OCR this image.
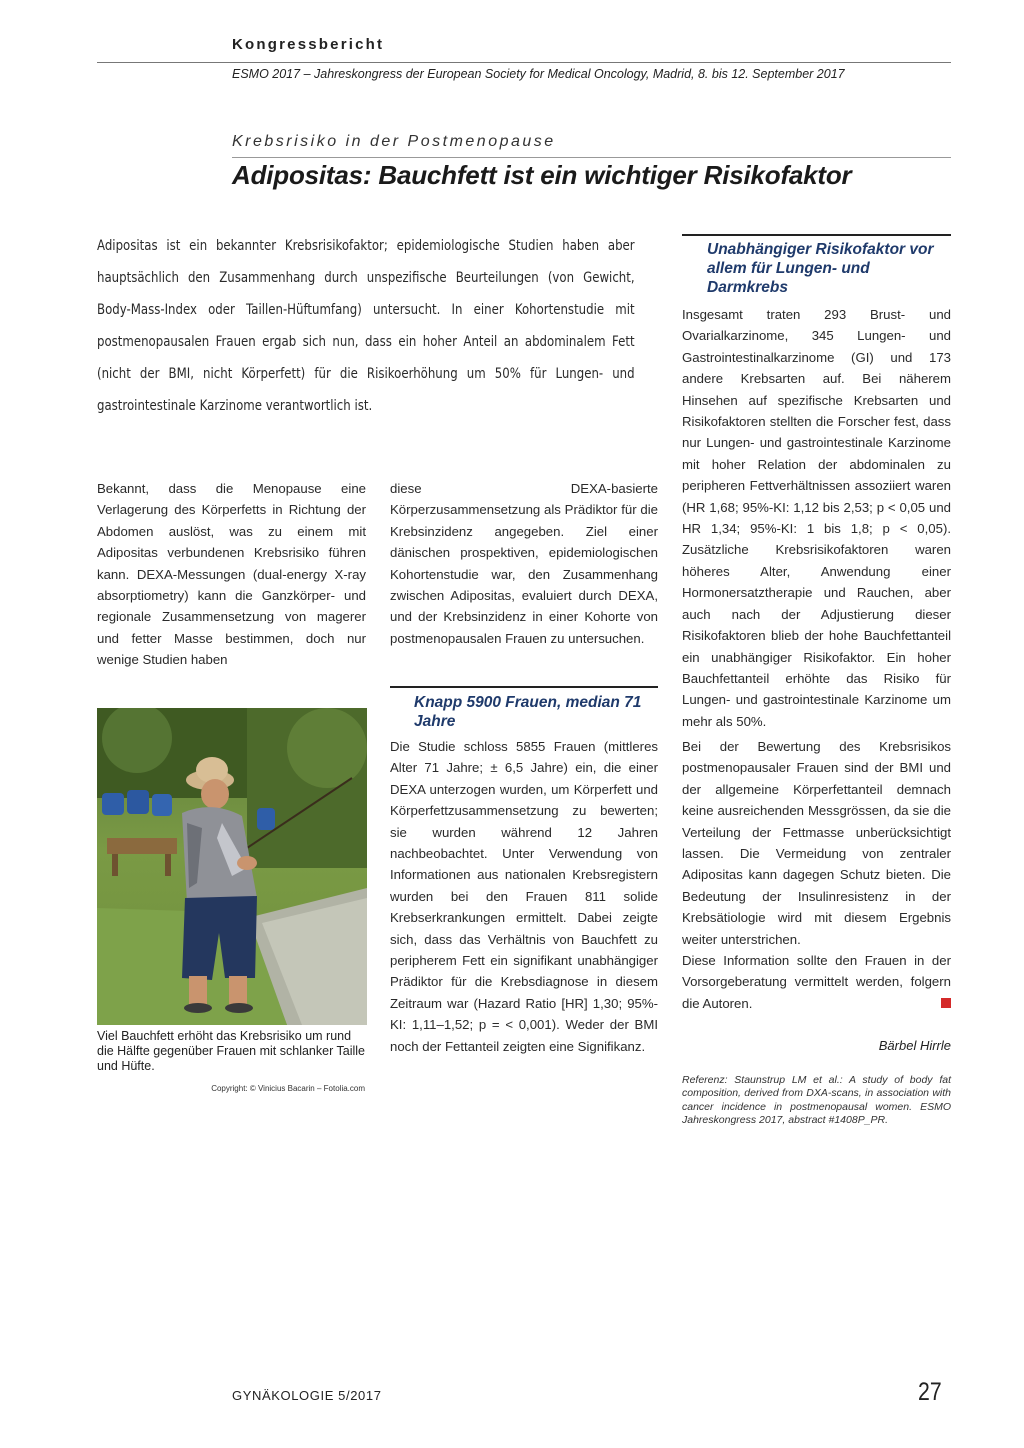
Kongressbericht
ESMO 2017 – Jahreskongress der European Society for Medical Oncology, Madrid, 8. bis 12. September 2017
Krebsrisiko in der Postmenopause
Adipositas: Bauchfett ist ein wichtiger Risikofaktor
Adipositas ist ein bekannter Krebsrisikofaktor; epidemiologische Studien haben aber hauptsächlich den Zusammenhang durch unspezifische Beurteilungen (von Gewicht, Body-Mass-Index oder Taillen-Hüftumfang) untersucht. In einer Kohortenstudie mit postmenopausalen Frauen ergab sich nun, dass ein hoher Anteil an abdominalem Fett (nicht der BMI, nicht Körperfett) für die Risikoerhöhung um 50% für Lungen- und gastrointestinale Karzinome verantwortlich ist.
Bekannt, dass die Menopause eine Verlagerung des Körperfetts in Richtung der Abdomen auslöst, was zu einem mit Adipositas verbundenen Krebsrisiko führen kann. DEXA-Messungen (dual-energy X-ray absorptiometry) kann die Ganzkörper- und regionale Zusammensetzung von magerer und fetter Masse bestimmen, doch nur wenige Studien haben
diese DEXA-basierte Körperzusammensetzung als Prädiktor für die Krebsinzidenz angegeben. Ziel einer dänischen prospektiven, epidemiologischen Kohortenstudie war, den Zusammenhang zwischen Adipositas, evaluiert durch DEXA, und der Krebsinzidenz in einer Kohorte von postmenopausalen Frauen zu untersuchen.
Knapp 5900 Frauen, median 71 Jahre
Die Studie schloss 5855 Frauen (mittleres Alter 71 Jahre; ± 6,5 Jahre) ein, die einer DEXA unterzogen wurden, um Körperfett und Körperfettzusammensetzung zu bewerten; sie wurden während 12 Jahren nachbeobachtet. Unter Verwendung von Informationen aus nationalen Krebsregistern wurden bei den Frauen 811 solide Krebserkrankungen ermittelt. Dabei zeigte sich, dass das Verhältnis von Bauchfett zu peripherem Fett ein signifikant unabhängiger Prädiktor für die Krebsdiagnose in diesem Zeitraum war (Hazard Ratio [HR] 1,30; 95%-KI: 1,11–1,52; p = < 0,001). Weder der BMI noch der Fettanteil zeigten eine Signifikanz.
Unabhängiger Risikofaktor vor allem für Lungen- und Darmkrebs
Insgesamt traten 293 Brust- und Ovarialkarzinome, 345 Lungen- und Gastrointestinalkarzinome (GI) und 173 andere Krebsarten auf. Bei näherem Hinsehen auf spezifische Krebsarten und Risikofaktoren stellten die Forscher fest, dass nur Lungen- und gastrointestinale Karzinome mit hoher Relation der abdominalen zu peripheren Fettverhältnissen assoziiert waren (HR 1,68; 95%-KI: 1,12 bis 2,53; p < 0,05 und HR 1,34; 95%-KI: 1 bis 1,8; p < 0,05). Zusätzliche Krebsrisikofaktoren waren höheres Alter, Anwendung einer Hormonersatztherapie und Rauchen, aber auch nach der Adjustierung dieser Risikofaktoren blieb der hohe Bauchfettanteil ein unabhängiger Risikofaktor. Ein hoher Bauchfettanteil erhöhte das Risiko für Lungen- und gastrointestinale Karzinome um mehr als 50%.

Bei der Bewertung des Krebsrisikos postmenopausaler Frauen sind der BMI und der allgemeine Körperfettanteil demnach keine ausreichenden Messgrössen, da sie die Verteilung der Fettmasse unberücksichtigt lassen. Die Vermeidung von zentraler Adipositas kann dagegen Schutz bieten. Die Bedeutung der Insulinresistenz in der Krebsätiologie wird mit diesem Ergebnis weiter unterstrichen.

Diese Information sollte den Frauen in der Vorsorgeberatung vermittelt werden, folgern die Autoren.

Bärbel Hirrle
Referenz: Staunstrup LM et al.: A study of body fat composition, derived from DXA-scans, in association with cancer incidence in postmenopausal women. ESMO Jahreskongress 2017, abstract #1408P_PR.
Viel Bauchfett erhöht das Krebsrisiko um rund die Hälfte gegenüber Frauen mit schlanker Taille und Hüfte.
Copyright: © Vinicius Bacarin – Fotolia.com
GYNÄKOLOGIE 5/2017	27
